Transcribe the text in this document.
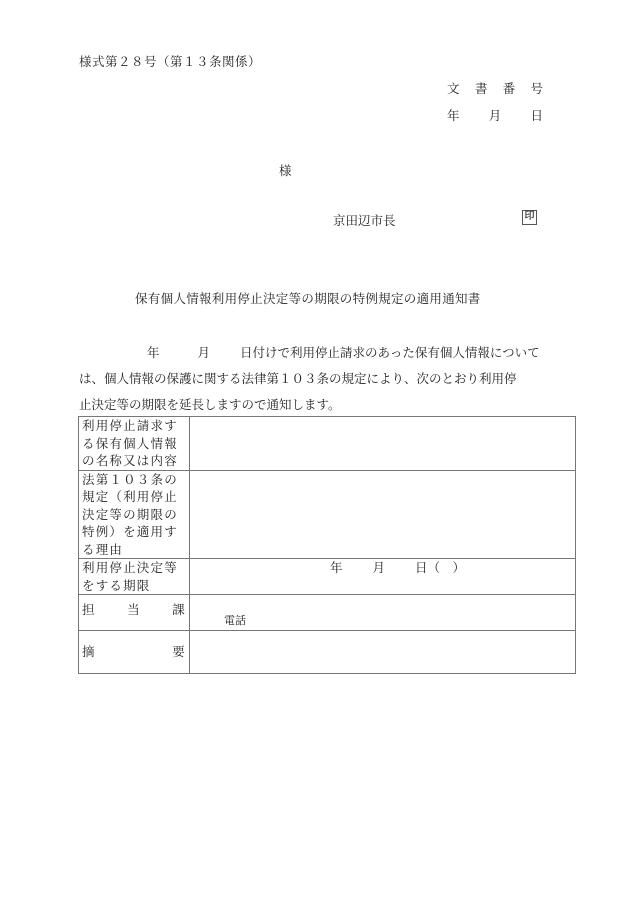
様式第２８号（第１３条関係）
文 書 番 号
年 月 日
様
京田辺市長	印
保有個人情報利用停止決定等の期限の特例規定の適用通知書
年	月 日付けで利用停止請求のあった保有個人情報について
は、個人情報の保護に関する法律第１０３条の規定により、次のとおり利用停
止決定等の期限を延長しますので通知します。
利用停止請求す
る保有個人情報
の名称又は内容	

法第１０３条の
規定（利用停止
決定等の期限の
特例）を適用す
る理由	

利用停止決定等
をする期限	年 月 日（　）

担 当 課	電話

摘 要	
